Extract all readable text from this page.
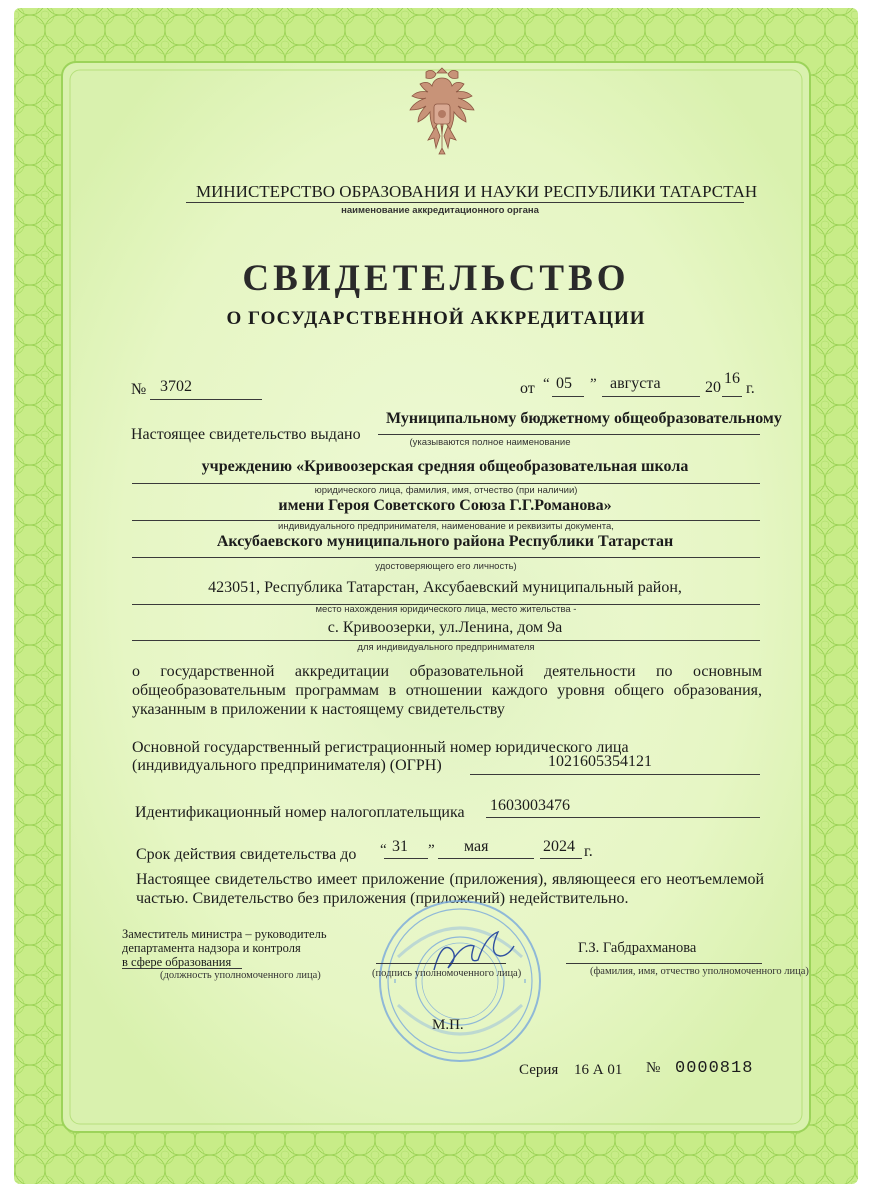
МИНИСТЕРСТВО ОБРАЗОВАНИЯ И НАУКИ РЕСПУБЛИКИ ТАТАРСТАН
наименование аккредитационного органа
СВИДЕТЕЛЬСТВО
О ГОСУДАРСТВЕННОЙ АККРЕДИТАЦИИ
№ 3702	от “ 05 ” августа	20
16
г.
Настоящее свидетельство выдано
Муниципальному бюджетному общеобразовательному
(указываются полное наименование
учреждению «Кривоозерская средняя общеобразовательная школа
юридического лица, фамилия, имя, отчество (при наличии)
имени Героя Советского Союза Г.Г.Романова»
индивидуального предпринимателя, наименование и реквизиты документа,
Аксубаевского муниципального района Республики Татарстан
удостоверяющего его личность)
423051, Республика Татарстан, Аксубаевский муниципальный район,
место нахождения юридического лица, место жительства -
с. Кривоозерки, ул.Ленина, дом 9а
для индивидуального предпринимателя
о государственной аккредитации образовательной деятельности по основным общеобразовательным программам в отношении каждого уровня общего образования, указанным в приложении к настоящему свидетельству
Основной государственный регистрационный номер юридического лица
(индивидуального предпринимателя) (ОГРН)	1021605354121
Идентификационный номер налогоплательщика 1603003476
Срок действия свидетельства до “ 31 ” мая	2024 г.
Настоящее свидетельство имеет приложение (приложения), являющееся его неотъемлемой частью. Свидетельство без приложения (приложений) недействительно.
Заместитель министра – руководитель
департамента надзора и контроля
в сфере образования
(должность уполномоченного лица)	(подпись уполномоченного лица)	(фамилия, имя, отчество уполномоченного лица)
Г.З. Габдрахманова
М.П.
Серия 16 А 01 № 0000818
